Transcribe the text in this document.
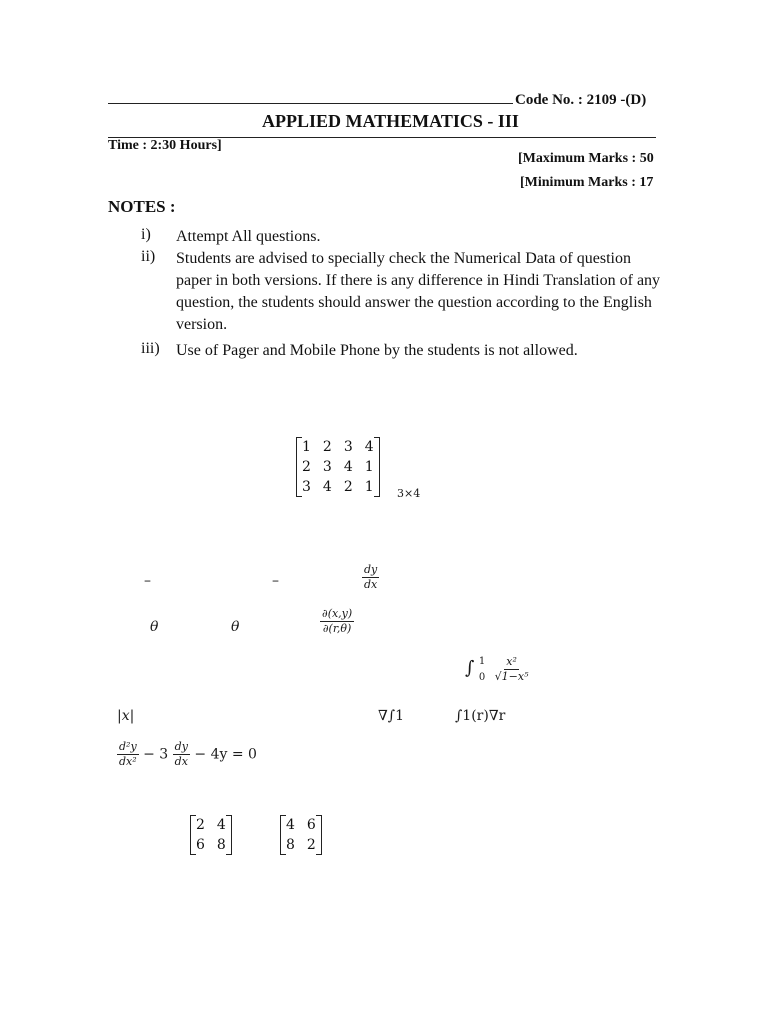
Code No. : 2109 -(D)
APPLIED MATHEMATICS - III
Time : 2:30 Hours]
[Maximum Marks : 50
[Minimum Marks : 17
NOTES :
i) Attempt All questions.
ii) Students are advised to specially check the Numerical Data of question paper in both versions. If there is any difference in Hindi Translation of any question, the students should answer the question according to the English version.
iii) Use of Pager and Mobile Phone by the students is not allowed.
1	2	3	4
2	3	4	1
3	4	2	1 3×4
–	–	$\frac{dy}{dx}$
θ	θ	$\frac{\partial(x,y)}{\partial(r,\theta)}$
∫ 1
0
$\frac{\text{x²}}{\text{√1−x⁵}}$
|x|	∇∫1	∫1(r)∇r
$\frac{\text{d²y}}{\text{dx²}} - 3 \frac{dy}{dx} - 4y = 0$
2	4
6	8
4	6
8	2
